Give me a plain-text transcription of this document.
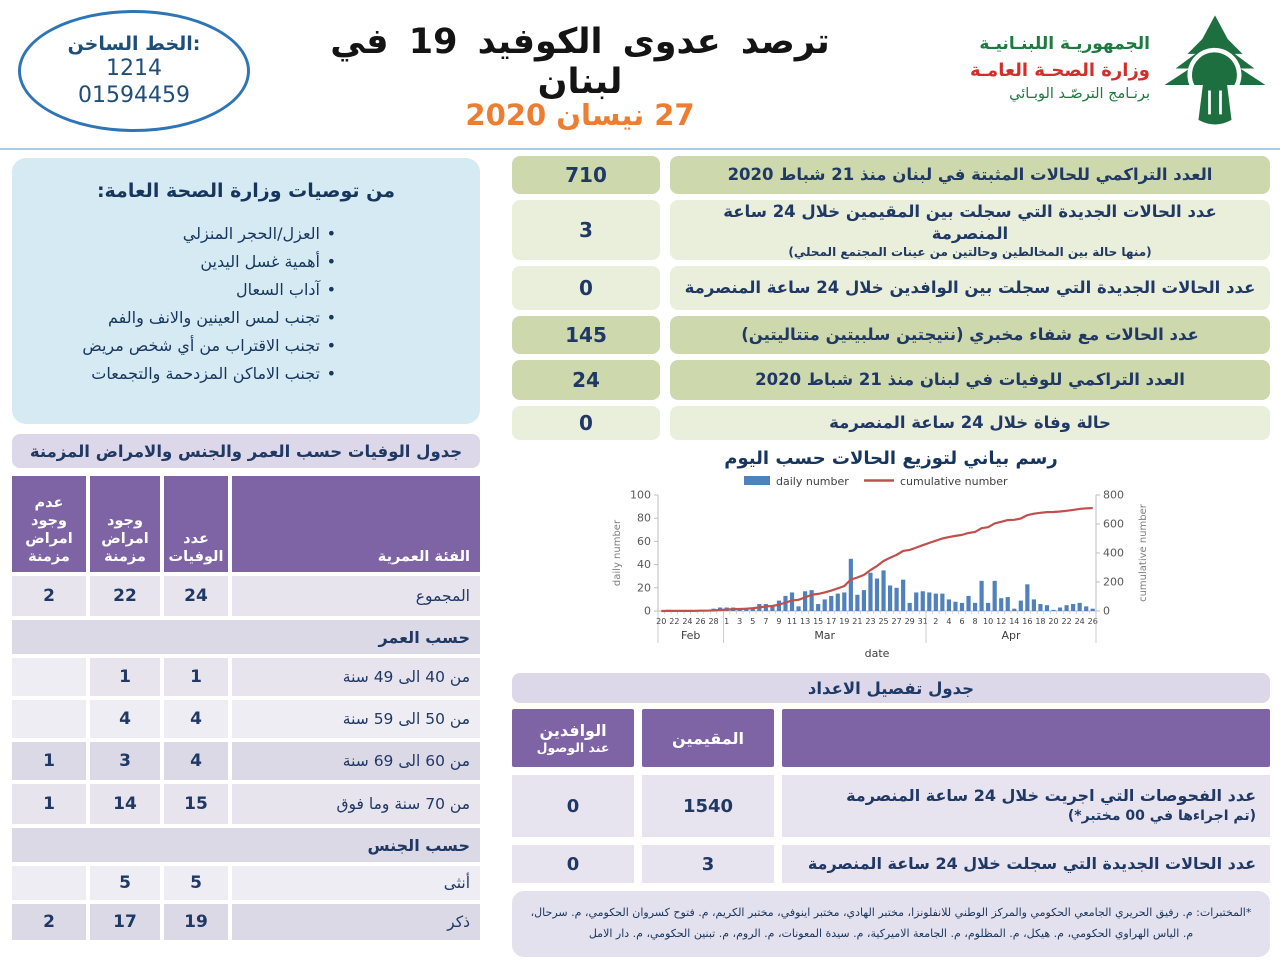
الخط الساخن:
1214
01594459
ترصد عدوى الكوفيد 19 في لبنان
27 نيسان 2020
الجمهوريـة اللبنـانيـة
وزارة الصحـة العامـة
برنـامج الترصّـد الوبـائي
من توصيات وزارة الصحة العامة:
• العزل/الحجر المنزلي
• أهمية غسل اليدين
• آداب السعال
• تجنب لمس العينين والانف والفم
• تجنب الاقتراب من أي شخص مريض
• تجنب الاماكن المزدحمة والتجمعات
جدول الوفيات حسب العمر والجنس والامراض المزمنة
الفئة العمرية
عدد الوفيات
وجود امراض مزمنة
عدم وجود امراض مزمنة
المجموع
24
22
2
حسب العمر
من 40 الى 49 سنة
1
1
من 50 الى 59 سنة
4
4
من 60 الى 69 سنة
4
3
1
من 70 سنة وما فوق
15
14
1
حسب الجنس
أنثى
5
5
ذكر
19
17
2
العدد التراكمي للحالات المثبتة في لبنان منذ 21 شباط 2020
710
عدد الحالات الجديدة التي سجلت بين المقيمين خلال 24 ساعة المنصرمة
(منها حالة بين المخالطين وحالتين من عينات المجتمع المحلي)
3
عدد الحالات الجديدة التي سجلت بين الوافدين خلال 24 ساعة المنصرمة
0
عدد الحالات مع شفاء مخبري (نتيجتين سلبيتين متتاليتين)
145
العدد التراكمي للوفيات في لبنان منذ 21 شباط 2020
24
حالة وفاة خلال 24 ساعة المنصرمة
0
رسم بياني لتوزيع الحالات حسب اليوم
0
20
40
60
80
100
0
200
400
600
800
20 22 24 26 28
Feb
1 3 5 7 9 11 13 15 17 19 21 23 25 27 29 31
Mar
2 4 6 8 10 12 14 16 18 20 22 24 26
Apr
date
daily number	cumulative number
daily number	cumulative number
جدول تفصيل الاعداد
المقيمين
الوافدين
عند الوصول
عدد الفحوصات التي اجريت خلال 24 ساعة المنصرمة
(تم اجراءها في 00 مختبر*)
1540
0
عدد الحالات الجديدة التي سجلت خلال 24 ساعة المنصرمة
3
0
*المختبرات: م. رفيق الحريري الجامعي الحكومي والمركز الوطني للانفلونزا، مختبر الهادي، مختبر اينوفي، مختبر الكريم، م. فتوح كسروان الحكومي، م. سرحال، م. الياس الهراوي الحكومي، م. هيكل، م. المظلوم، م. الجامعة الاميركية، م. سيدة المعونات، م. الروم، م. تبنين الحكومي، م. دار الامل
